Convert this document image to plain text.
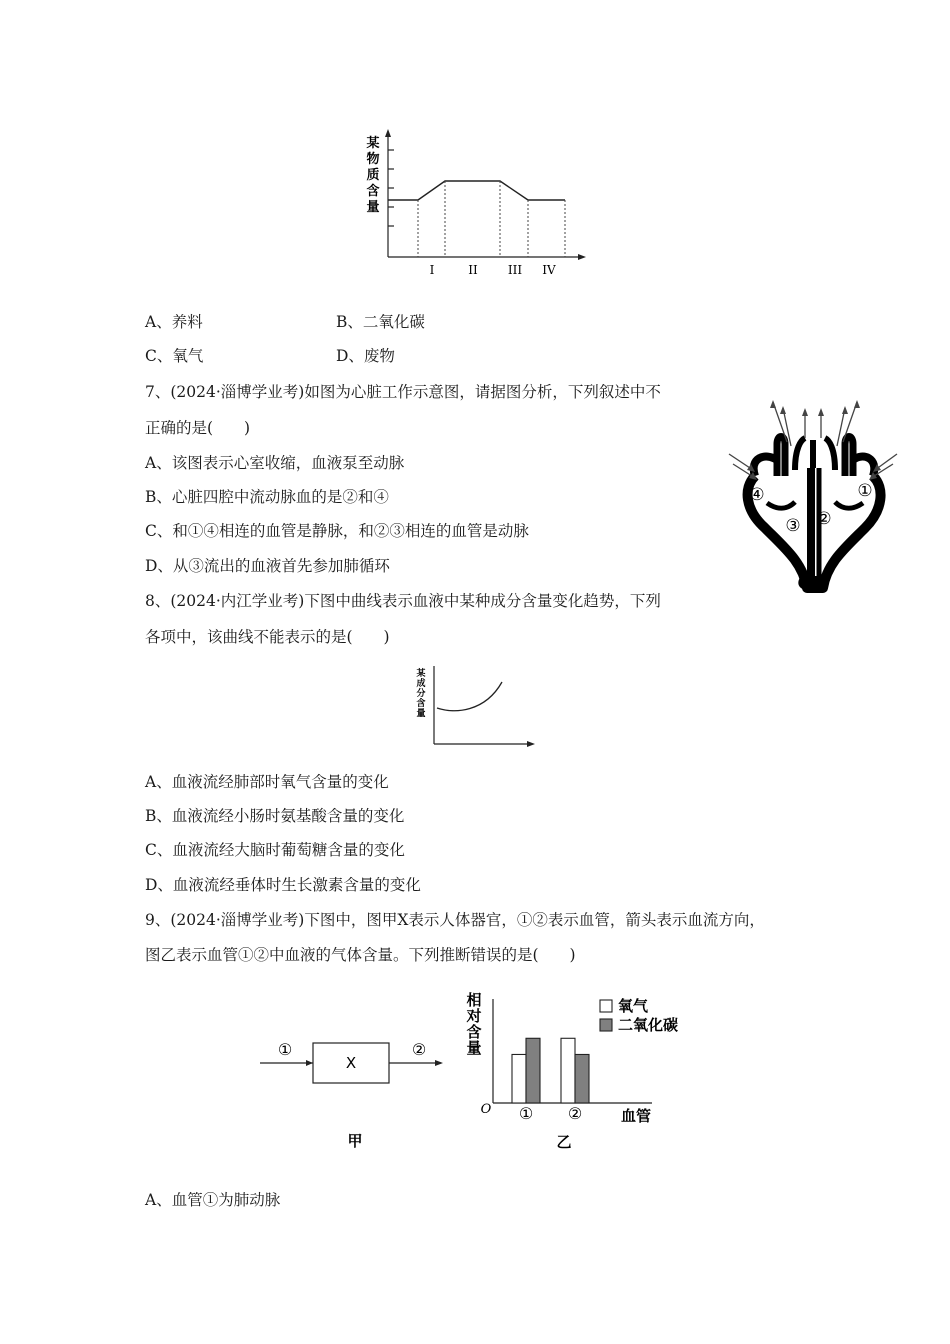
某
物
质
含
量
I	II	III IV
A、养料	B、二氧化碳
C、氧气	D、废物
7、(2024·淄博学业考)如图为心脏工作示意图，请据图分析，下列叙述中不
正确的是(　　)
A、该图表示心室收缩，血液泵至动脉
B、心脏四腔中流动脉血的是②和④
C、和①④相连的血管是静脉，和②③相连的血管是动脉
D、从③流出的血液首先参加肺循环
④
③ ②
①
8、(2024·内江学业考)下图中曲线表示血液中某种成分含量变化趋势，下列
各项中，该曲线不能表示的是(　　)
某
成
分
含
量
A、血液流经肺部时氧气含量的变化
B、血液流经小肠时氨基酸含量的变化
C、血液流经大脑时葡萄糖含量的变化
D、血液流经垂体时生长激素含量的变化
9、(2024·淄博学业考)下图中，图甲X表示人体器官，①②表示血管，箭头表示血流方向，
图乙表示血管①②中血液的气体含量。下列推断错误的是(　　)
①
X
②
甲
相
对
含
量
O ① ②	血管
氧气
二氧化碳
乙
A、血管①为肺动脉
